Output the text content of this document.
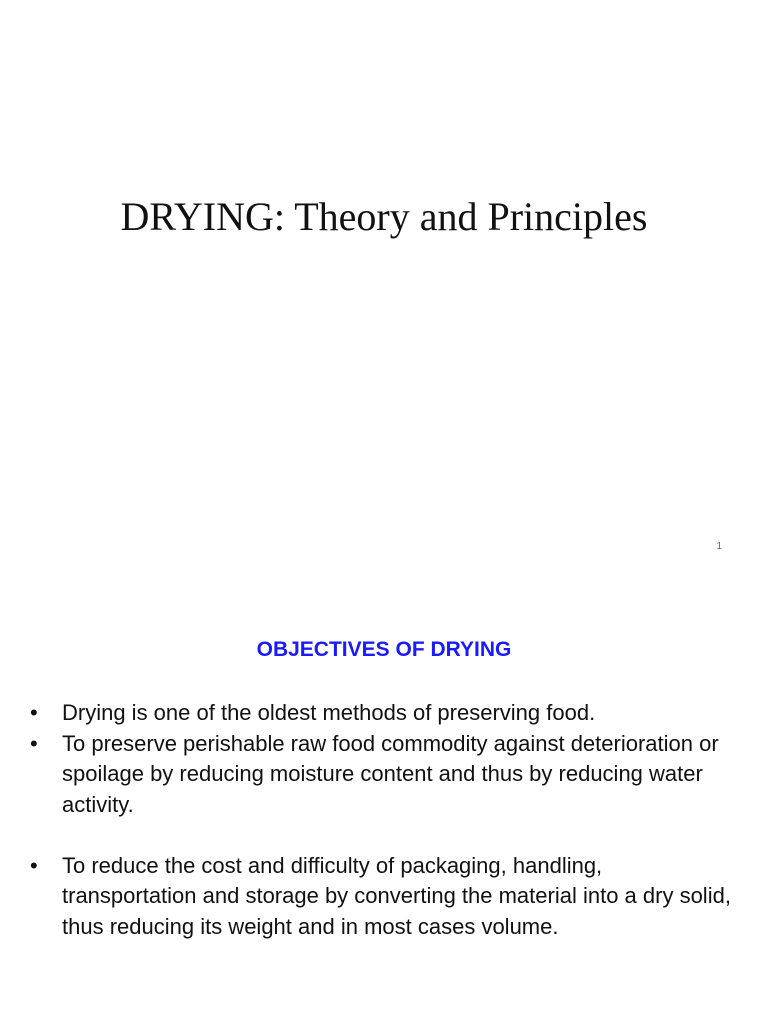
DRYING: Theory and Principles
1
OBJECTIVES OF DRYING
• Drying is one of the oldest methods of preserving food.
• To preserve perishable raw food commodity against deterioration or spoilage by reducing moisture content and thus by reducing water activity.
• To reduce the cost and difficulty of packaging, handling, transportation and storage by converting the material into a dry solid, thus reducing its weight and in most cases volume.
